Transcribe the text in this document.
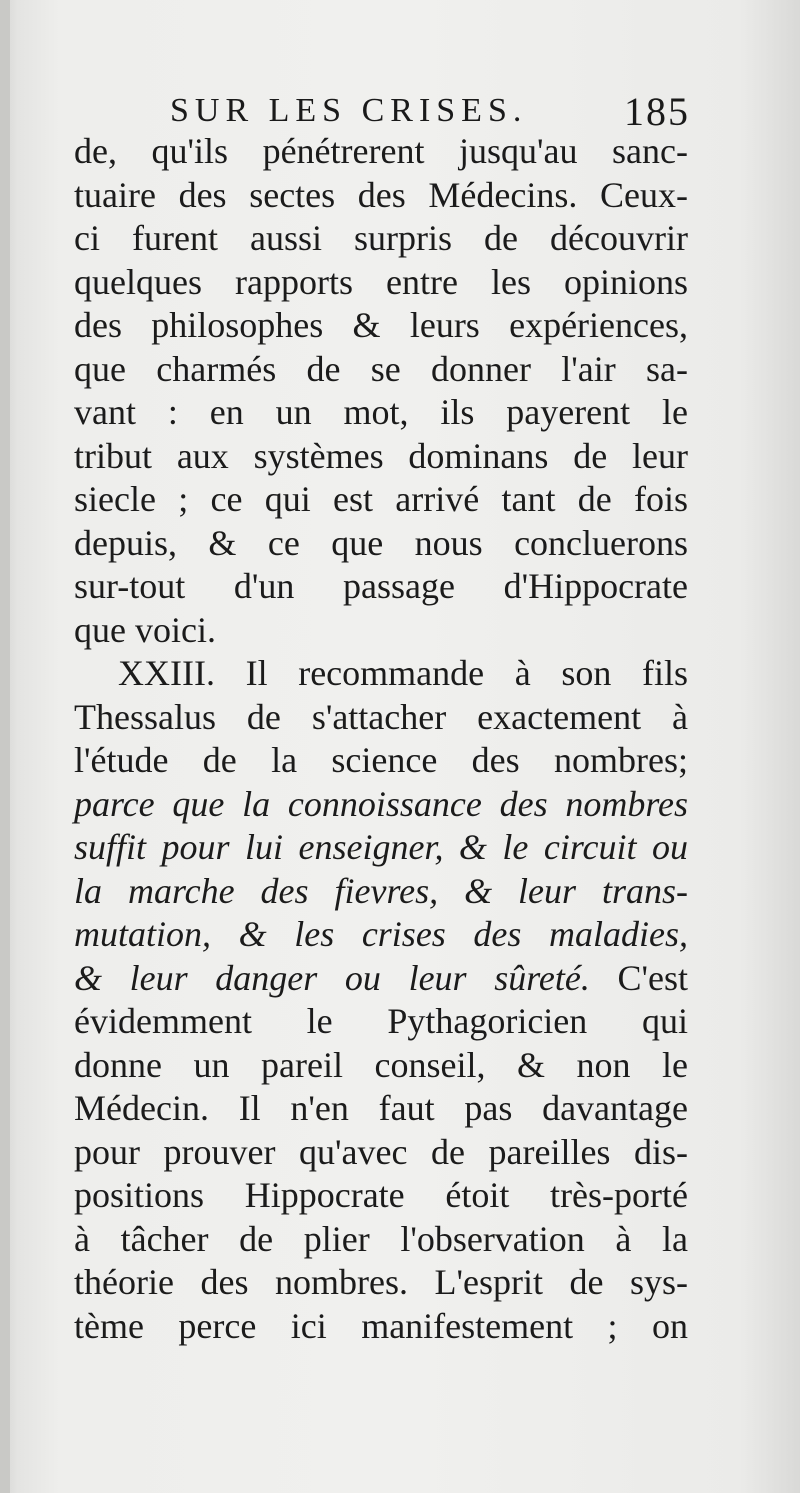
SUR LES CRISES. 185
de, qu'ils pénétrerent jusqu'au sanc-
tuaire des sectes des Médecins. Ceux-
ci furent aussi surpris de découvrir
quelques rapports entre les opinions
des philosophes & leurs expériences,
que charmés de se donner l'air sa-
vant : en un mot, ils payerent le
tribut aux systèmes dominans de leur
siecle ; ce qui est arrivé tant de fois
depuis, & ce que nous concluerons
sur-tout d'un passage d'Hippocrate
que voici.
XXIII. Il recommande à son fils
Thessalus de s'attacher exactement à
l'étude de la science des nombres;
parce que la connoissance des nombres
suffit pour lui enseigner, & le circuit ou
la marche des fievres, & leur trans-
mutation, & les crises des maladies,
& leur danger ou leur sûreté. C'est
évidemment le Pythagoricien qui
donne un pareil conseil, & non le
Médecin. Il n'en faut pas davantage
pour prouver qu'avec de pareilles dis-
positions Hippocrate étoit très-porté
à tâcher de plier l'observation à la
théorie des nombres. L'esprit de sys-
tème perce ici manifestement ; on
